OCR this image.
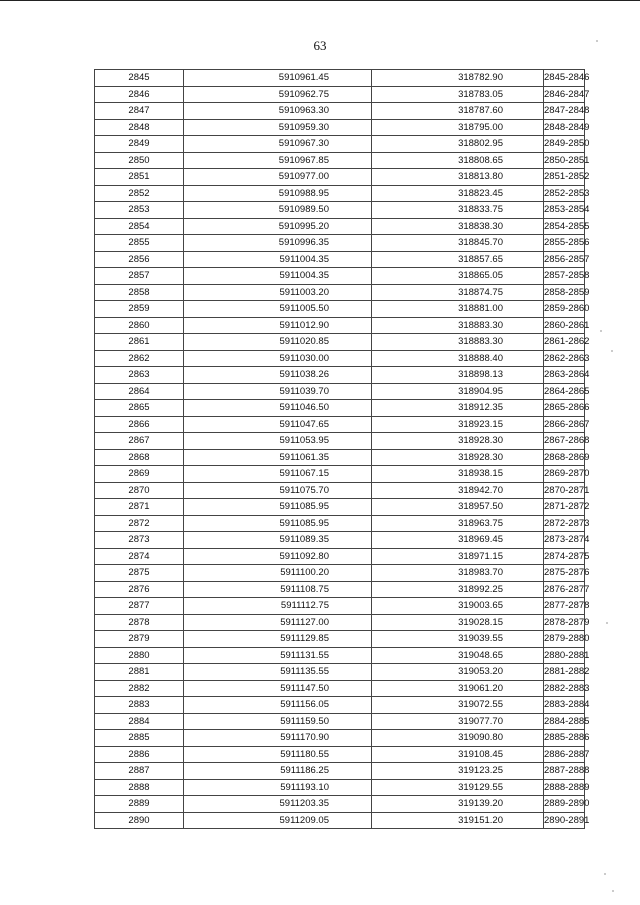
63
2845	5910961.45	318782.90	2845-2846
2846	5910962.75	318783.05	2846-2847
2847	5910963.30	318787.60	2847-2848
2848	5910959.30	318795.00	2848-2849
2849	5910967.30	318802.95	2849-2850
2850	5910967.85	318808.65	2850-2851
2851	5910977.00	318813.80	2851-2852
2852	5910988.95	318823.45	2852-2853
2853	5910989.50	318833.75	2853-2854
2854	5910995.20	318838.30	2854-2855
2855	5910996.35	318845.70	2855-2856
2856	5911004.35	318857.65	2856-2857
2857	5911004.35	318865.05	2857-2858
2858	5911003.20	318874.75	2858-2859
2859	5911005.50	318881.00	2859-2860
2860	5911012.90	318883.30	2860-2861
2861	5911020.85	318883.30	2861-2862
2862	5911030.00	318888.40	2862-2863
2863	5911038.26	318898.13	2863-2864
2864	5911039.70	318904.95	2864-2865
2865	5911046.50	318912.35	2865-2866
2866	5911047.65	318923.15	2866-2867
2867	5911053.95	318928.30	2867-2868
2868	5911061.35	318928.30	2868-2869
2869	5911067.15	318938.15	2869-2870
2870	5911075.70	318942.70	2870-2871
2871	5911085.95	318957.50	2871-2872
2872	5911085.95	318963.75	2872-2873
2873	5911089.35	318969.45	2873-2874
2874	5911092.80	318971.15	2874-2875
2875	5911100.20	318983.70	2875-2876
2876	5911108.75	318992.25	2876-2877
2877	5911112.75	319003.65	2877-2878
2878	5911127.00	319028.15	2878-2879
2879	5911129.85	319039.55	2879-2880
2880	5911131.55	319048.65	2880-2881
2881	5911135.55	319053.20	2881-2882
2882	5911147.50	319061.20	2882-2883
2883	5911156.05	319072.55	2883-2884
2884	5911159.50	319077.70	2884-2885
2885	5911170.90	319090.80	2885-2886
2886	5911180.55	319108.45	2886-2887
2887	5911186.25	319123.25	2887-2888
2888	5911193.10	319129.55	2888-2889
2889	5911203.35	319139.20	2889-2890
2890	5911209.05	319151.20	2890-2891
